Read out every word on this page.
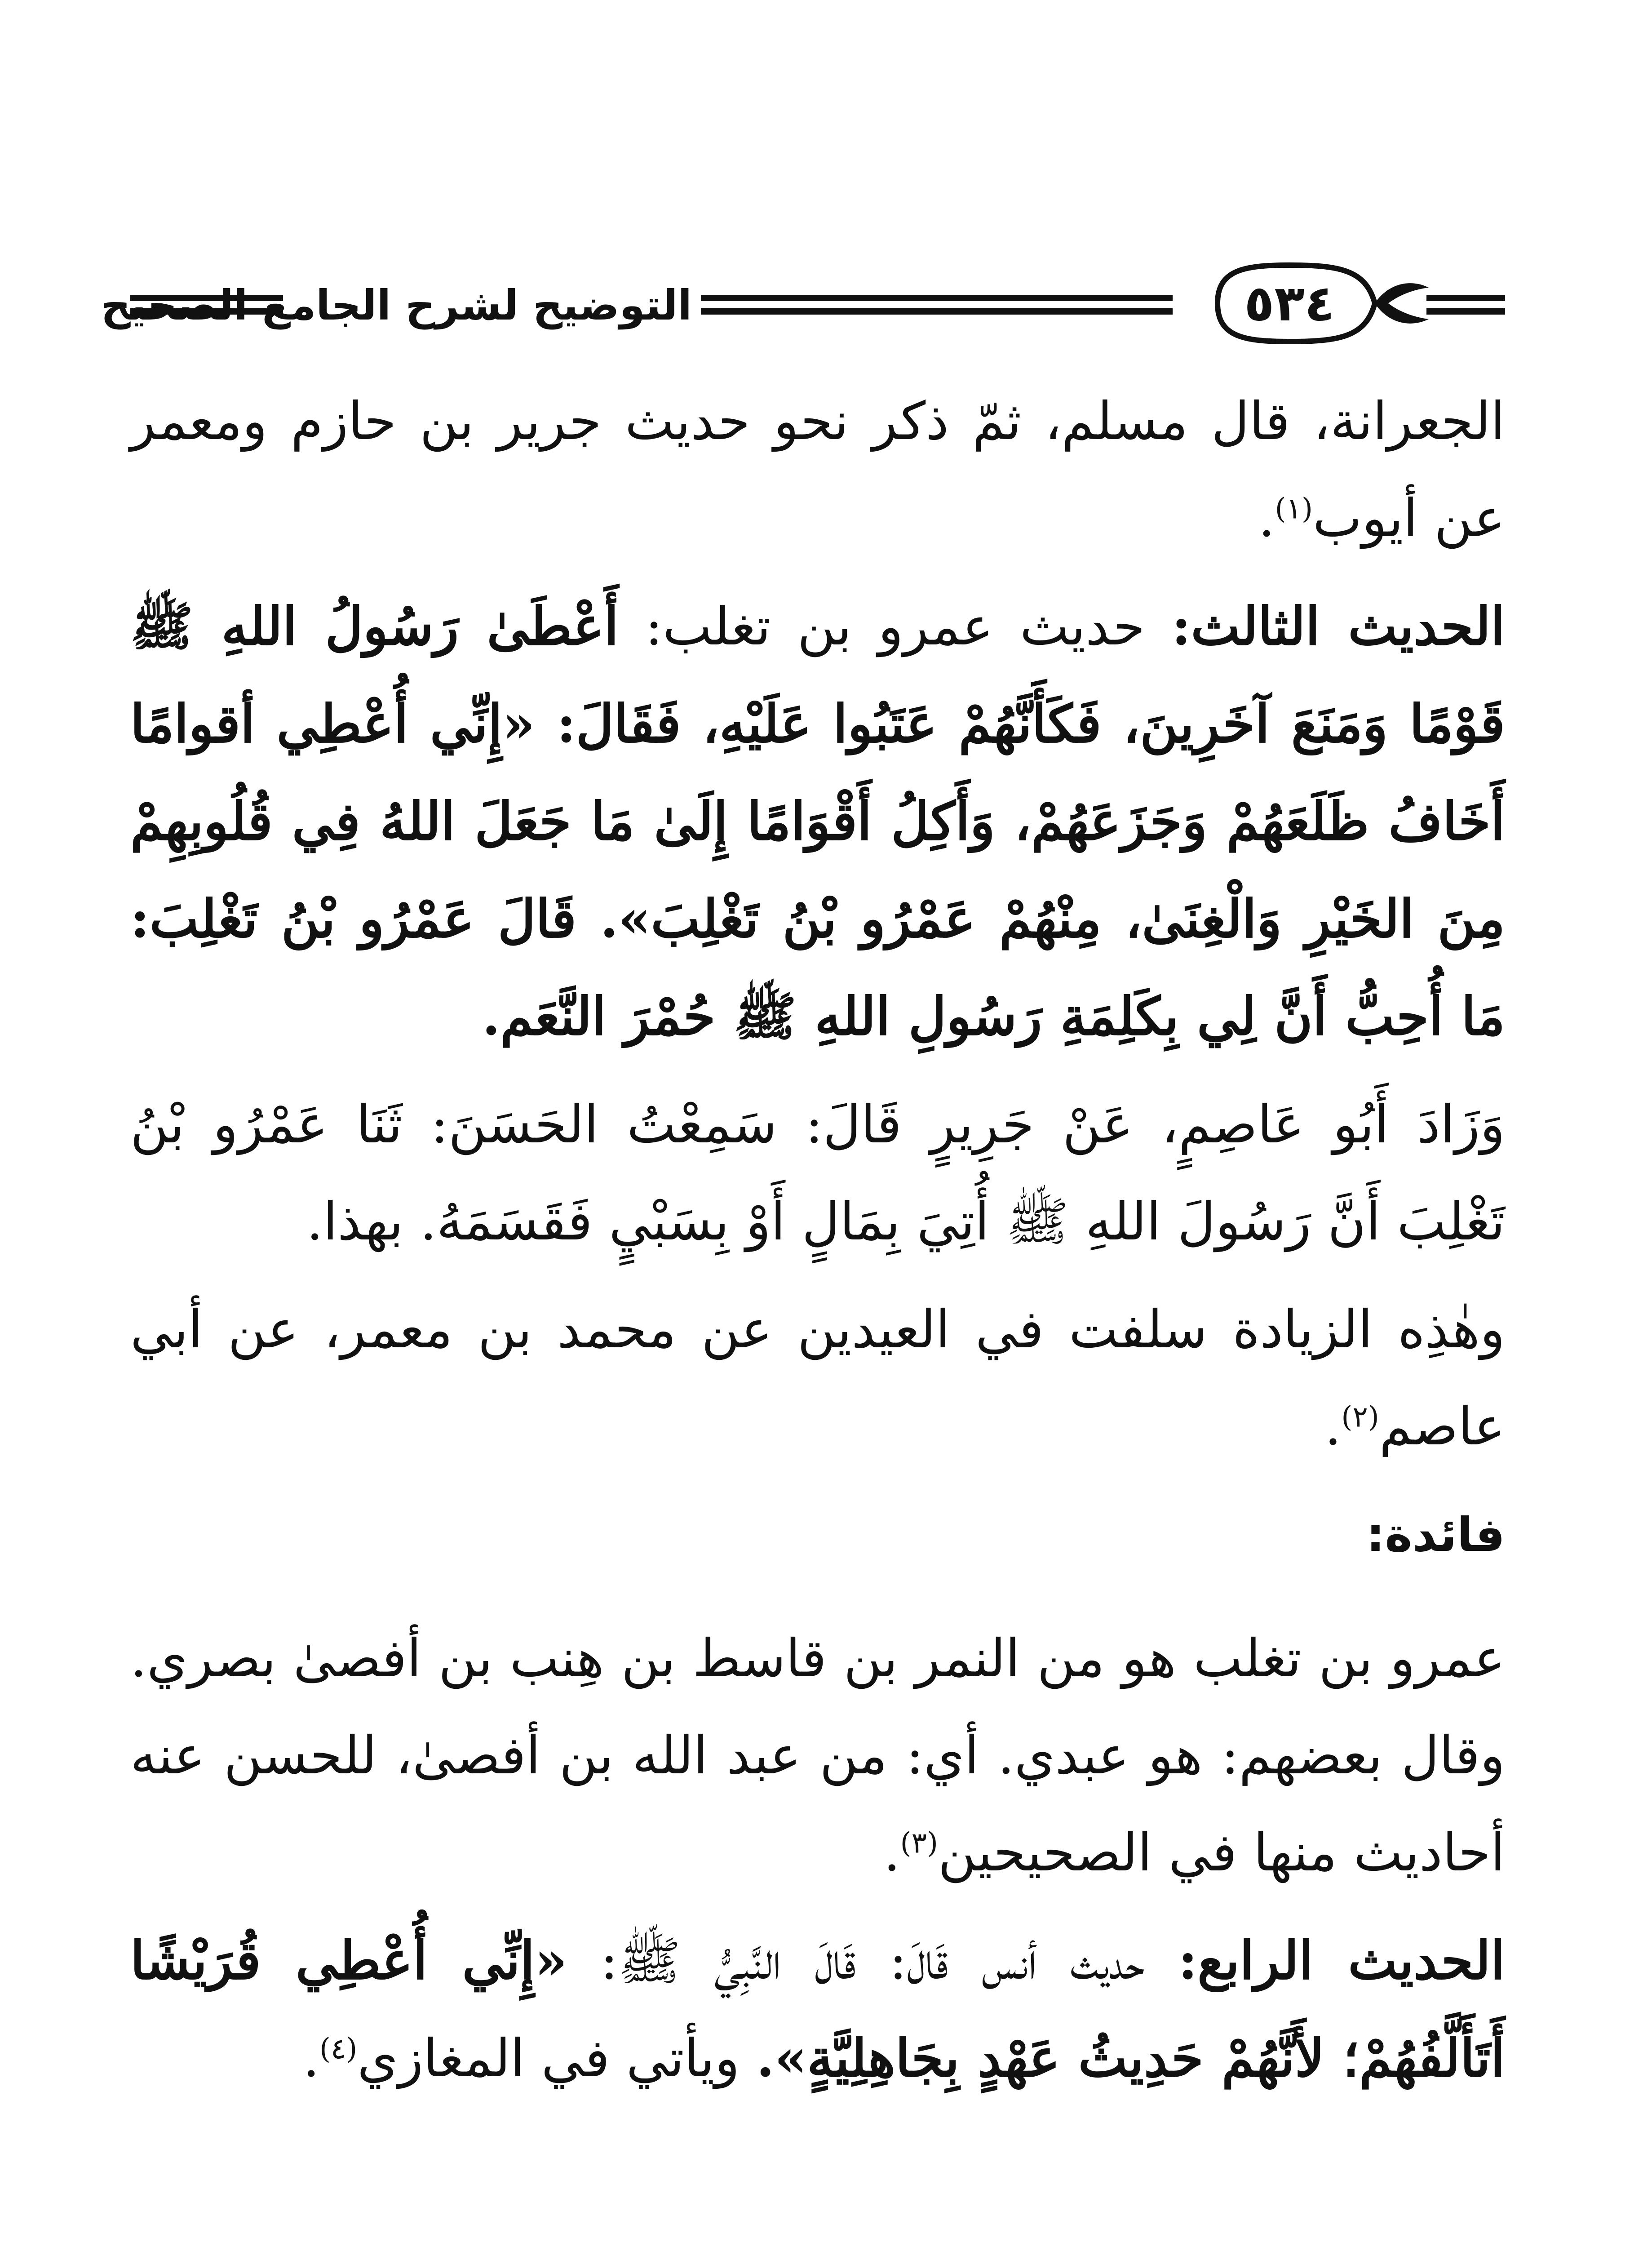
التوضيح لشرح الجامع الصحيح	٥٣٤

الجعرانة، قال مسلم، ثمّ ذكر نحو حديث جرير بن حازم ومعمر عن أيوب$^{(١)}$.

الحديث الثالث: حديث عمرو بن تغلب: أَعْطَىٰ رَسُولُ اللهِ ﷺ قَوْمًا وَمَنَعَ آخَرِينَ، فَكَأَنَّهُمْ عَتَبُوا عَلَيْهِ، فَقَالَ: «إِنِّي أُعْطِي أقوامًا أَخَافُ ظَلَعَهُمْ وَجَزَعَهُمْ، وَأَكِلُ أَقْوَامًا إِلَىٰ مَا جَعَلَ اللهُ فِي قُلُوبِهِمْ مِنَ الخَيْرِ وَالْغِنَىٰ، مِنْهُمْ عَمْرُو بْنُ تَغْلِبَ». قَالَ عَمْرُو بْنُ تَغْلِبَ: مَا أُحِبُّ أَنَّ لِي بِكَلِمَةِ رَسُولِ اللهِ ﷺ حُمْرَ النَّعَم.

وَزَادَ أَبُو عَاصِمٍ، عَنْ جَرِيرٍ قَالَ: سَمِعْتُ الحَسَنَ: ثَنَا عَمْرُو بْنُ تَغْلِبَ أَنَّ رَسُولَ اللهِ ﷺ أُتِيَ بِمَالٍ أَوْ بِسَبْيٍ فَقَسَمَهُ. بهذا.

وهٰذِه الزيادة سلفت في العيدين عن محمد بن معمر، عن أبي عاصم$^{(٢)}$.

فائدة:

عمرو بن تغلب هو من النمر بن قاسط بن هِنب بن أفصىٰ بصري. وقال بعضهم: هو عبدي. أي: من عبد الله بن أفصىٰ، للحسن عنه أحاديث منها في الصحيحين$^{(٣)}$.

الحديث الرابع: حديث أنس قَالَ: قَالَ النَّبِيُّ ﷺ: «إِنِّي أُعْطِي قُرَيْشًا أَتَأَلَّفُهُمْ؛ لأَنَّهُمْ حَدِيثُ عَهْدٍ بِجَاهِلِيَّةٍ». ويأتي في المغازي$^{(٤)}$.
